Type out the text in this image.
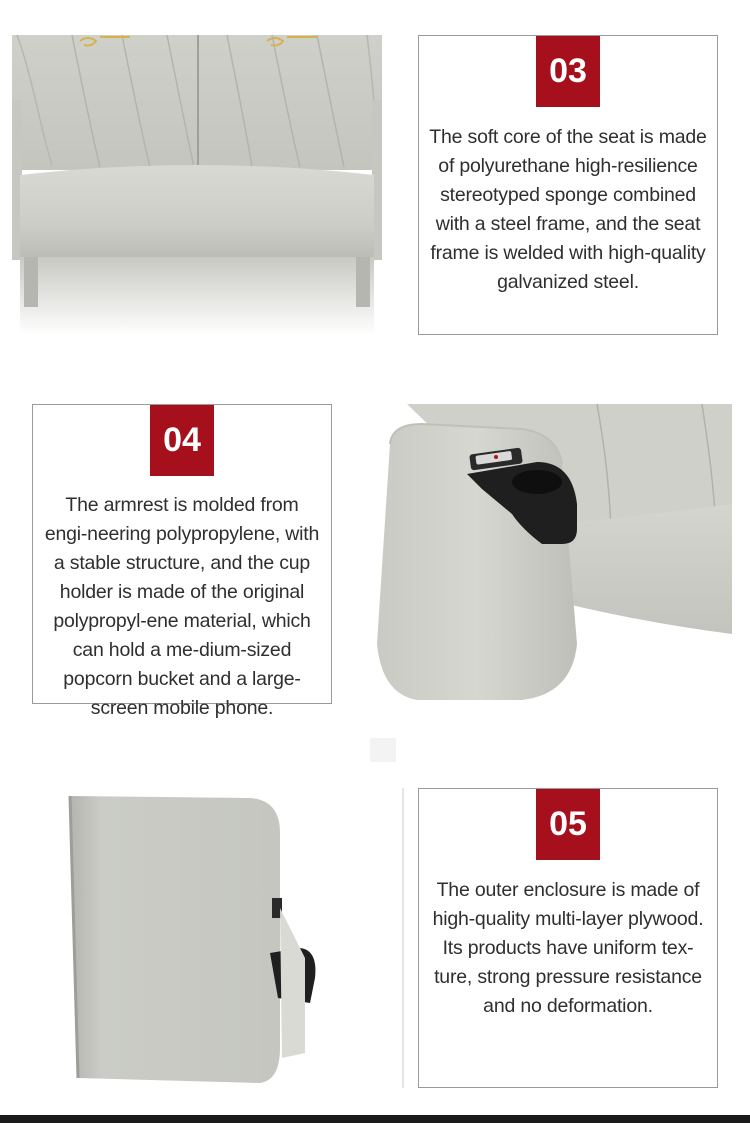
03
The soft core of the seat is made of polyurethane high-resilience stereotyped sponge combined with a steel frame, and the seat frame is welded with high-quality galvanized steel.
04
The armrest is molded from engi-neering polypropylene, with a stable structure, and the cup holder is made of the original polypropyl-ene material, which can hold a me-dium-sized popcorn bucket and a large-screen mobile phone.
05
The outer enclosure is made of high-quality multi-layer plywood. Its products have uniform tex-ture, strong pressure resistance and no deformation.
